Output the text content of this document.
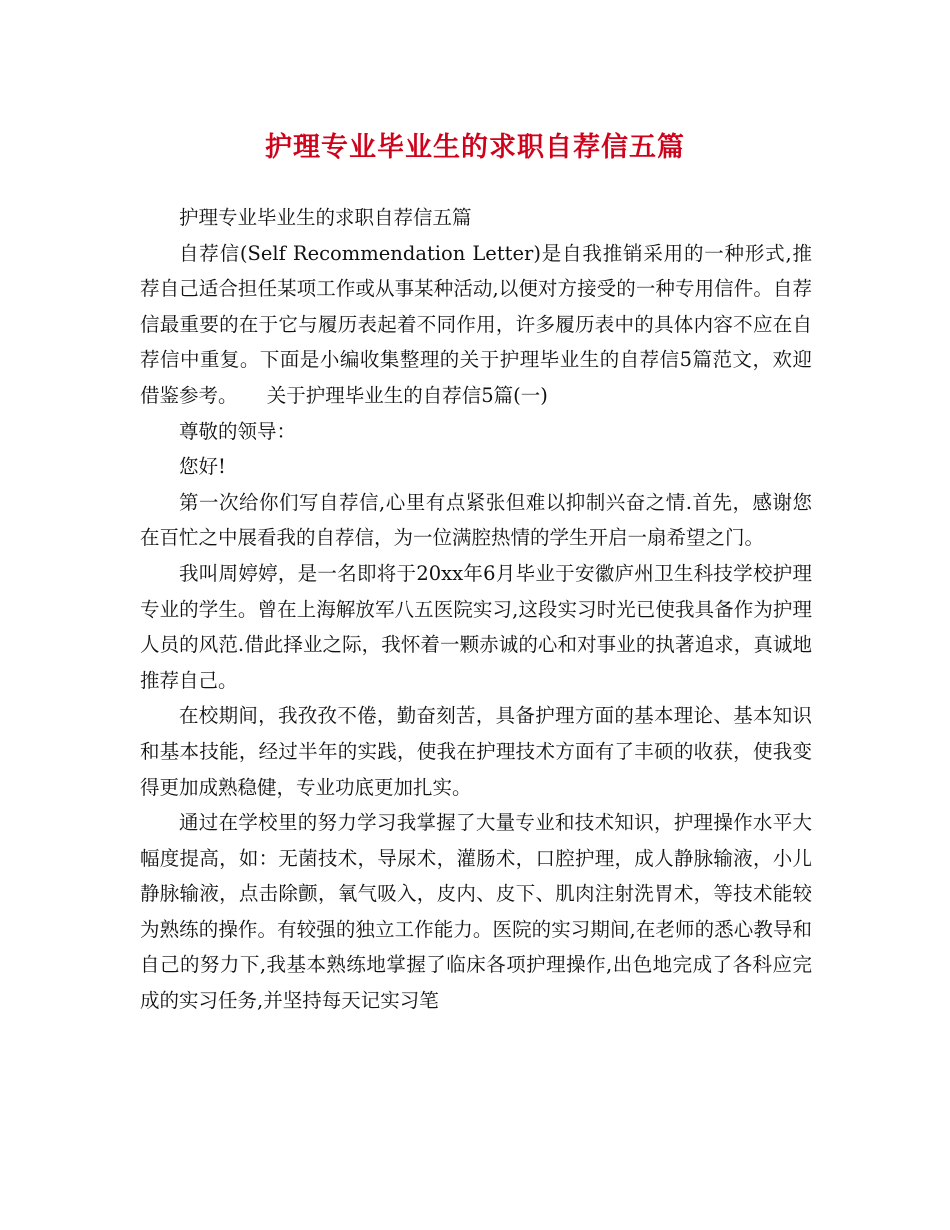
护理专业毕业生的求职自荐信五篇

护理专业毕业生的求职自荐信五篇

自荐信(Self Recommendation Letter)是自我推销采用的一种形式,推荐自己适合担任某项工作或从事某种活动,以便对方接受的一种专用信件。自荐信最重要的在于它与履历表起着不同作用，许多履历表中的具体内容不应在自荐信中重复。下面是小编收集整理的关于护理毕业生的自荐信5篇范文，欢迎借鉴参考。　　关于护理毕业生的自荐信5篇(一)

尊敬的领导：

您好!

第一次给你们写自荐信,心里有点紧张但难以抑制兴奋之情.首先，感谢您在百忙之中展看我的自荐信，为一位满腔热情的学生开启一扇希望之门。

我叫周婷婷，是一名即将于20xx年6月毕业于安徽庐州卫生科技学校护理专业的学生。曾在上海解放军八五医院实习,这段实习时光已使我具备作为护理人员的风范.借此择业之际，我怀着一颗赤诚的心和对事业的执著追求，真诚地推荐自己。

在校期间，我孜孜不倦，勤奋刻苦，具备护理方面的基本理论、基本知识和基本技能，经过半年的实践，使我在护理技术方面有了丰硕的收获，使我变得更加成熟稳健，专业功底更加扎实。

通过在学校里的努力学习我掌握了大量专业和技术知识，护理操作水平大幅度提高，如：无菌技术，导尿术，灌肠术，口腔护理，成人静脉输液，小儿静脉输液，点击除颤，氧气吸入，皮内、皮下、肌肉注射洗胃术，等技术能较为熟练的操作。有较强的独立工作能力。医院的实习期间,在老师的悉心教导和自己的努力下,我基本熟练地掌握了临床各项护理操作,出色地完成了各科应完成的实习任务,并坚持每天记实习笔
